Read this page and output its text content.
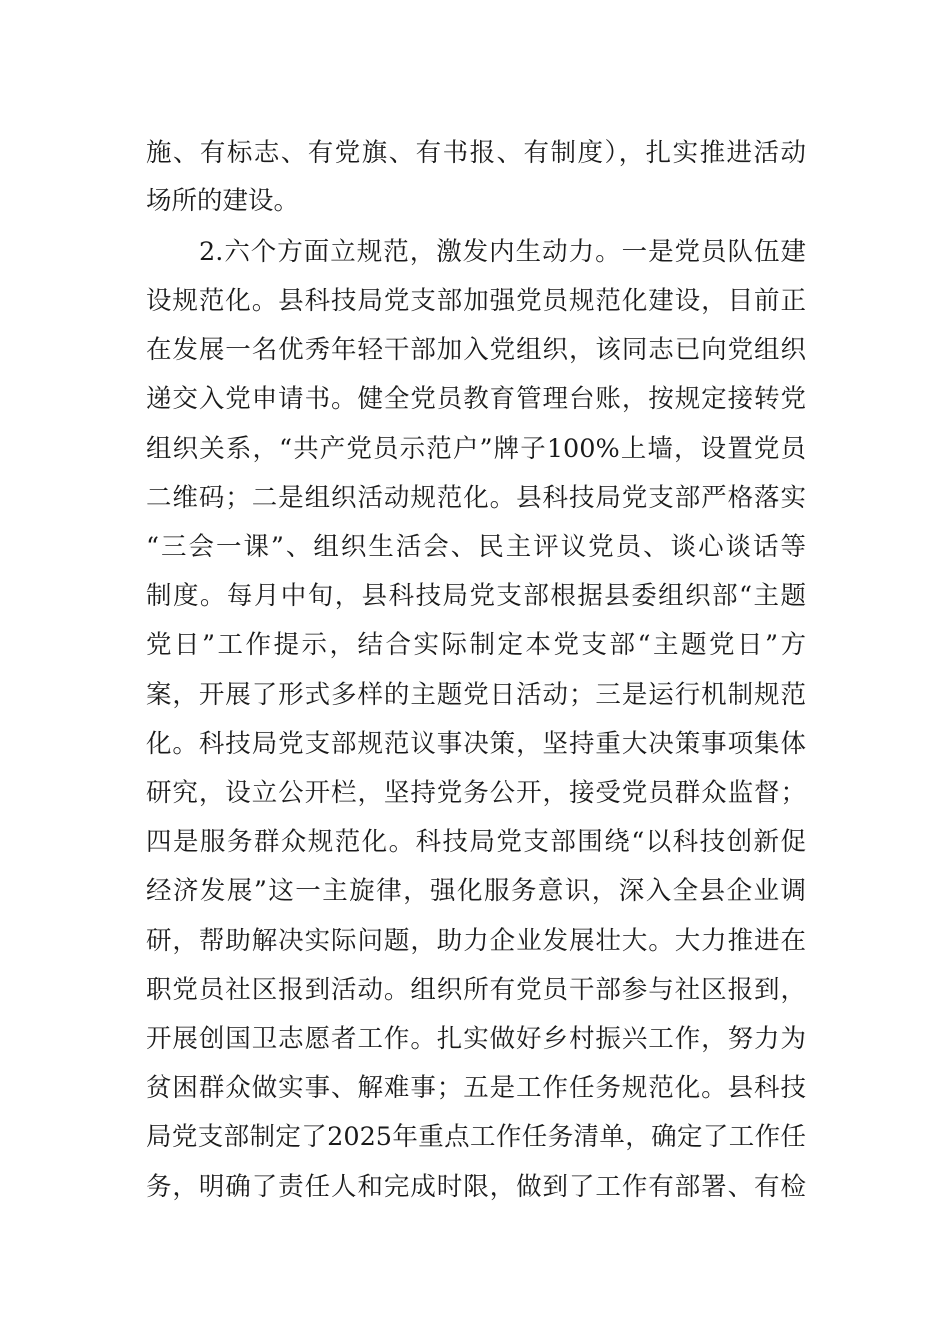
施、有标志、有党旗、有书报、有制度），扎实推进活动
场所的建设。
2.六个方面立规范，激发内生动力。一是党员队伍建
设规范化。县科技局党支部加强党员规范化建设，目前正
在发展一名优秀年轻干部加入党组织，该同志已向党组织
递交入党申请书。健全党员教育管理台账，按规定接转党
组织关系，“共产党员示范户”牌子100%上墙，设置党员
二维码；二是组织活动规范化。县科技局党支部严格落实
“三会一课”、组织生活会、民主评议党员、谈心谈话等
制度。每月中旬，县科技局党支部根据县委组织部“主题
党日”工作提示，结合实际制定本党支部“主题党日”方
案，开展了形式多样的主题党日活动；三是运行机制规范
化。科技局党支部规范议事决策，坚持重大决策事项集体
研究，设立公开栏，坚持党务公开，接受党员群众监督；
四是服务群众规范化。科技局党支部围绕“以科技创新促
经济发展”这一主旋律，强化服务意识，深入全县企业调
研，帮助解决实际问题，助力企业发展壮大。大力推进在
职党员社区报到活动。组织所有党员干部参与社区报到，
开展创国卫志愿者工作。扎实做好乡村振兴工作，努力为
贫困群众做实事、解难事；五是工作任务规范化。县科技
局党支部制定了2025年重点工作任务清单，确定了工作任
务，明确了责任人和完成时限，做到了工作有部署、有检
